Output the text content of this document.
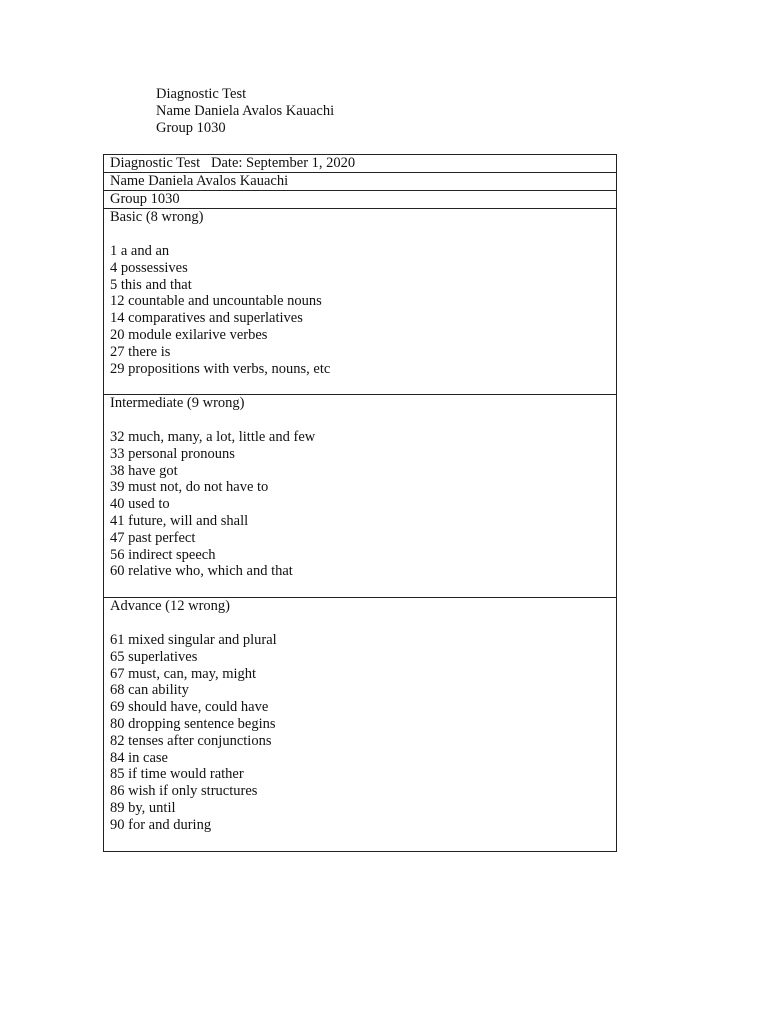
Diagnostic Test
Name Daniela Avalos Kauachi
Group 1030
Diagnostic Test   Date: September 1, 2020
Name Daniela Avalos Kauachi
Group 1030
Basic (8 wrong)
1 a and an
4 possessives
5 this and that
12 countable and uncountable nouns
14 comparatives and superlatives
20 module exilarive verbes
27 there is
29 propositions with verbs, nouns, etc
Intermediate (9 wrong)
32 much, many, a lot, little and few
33 personal pronouns
38 have got
39 must not, do not have to
40 used to
41 future, will and shall
47 past perfect
56 indirect speech
60 relative who, which and that
Advance (12 wrong)
61 mixed singular and plural
65 superlatives
67 must, can, may, might
68 can ability
69 should have, could have
80 dropping sentence begins
82 tenses after conjunctions
84 in case
85 if time would rather
86 wish if only structures
89 by, until
90 for and during
